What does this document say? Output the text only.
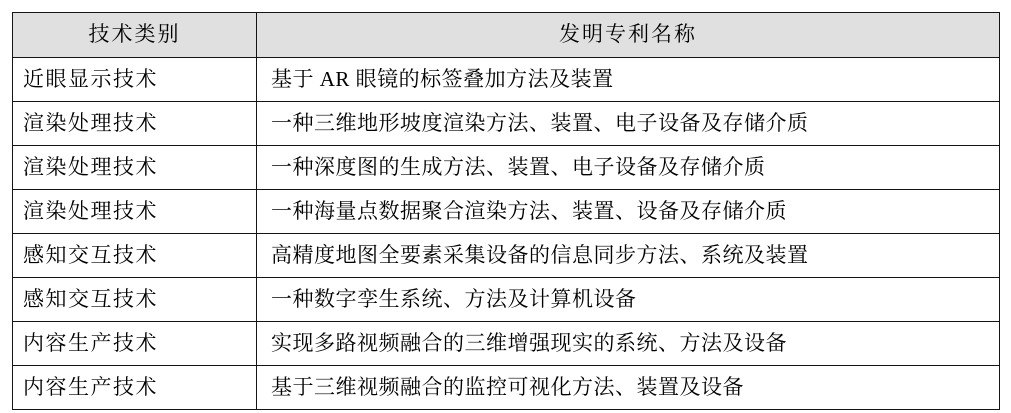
技术类别	发明专利名称

近眼显示技术	基于 AR 眼镜的标签叠加方法及装置

渲染处理技术	一种三维地形坡度渲染方法、装置、电子设备及存储介质

渲染处理技术	一种深度图的生成方法、装置、电子设备及存储介质

渲染处理技术	一种海量点数据聚合渲染方法、装置、设备及存储介质

感知交互技术	高精度地图全要素采集设备的信息同步方法、系统及装置

感知交互技术	一种数字孪生系统、方法及计算机设备

内容生产技术	实现多路视频融合的三维增强现实的系统、方法及设备

内容生产技术	基于三维视频融合的监控可视化方法、装置及设备
